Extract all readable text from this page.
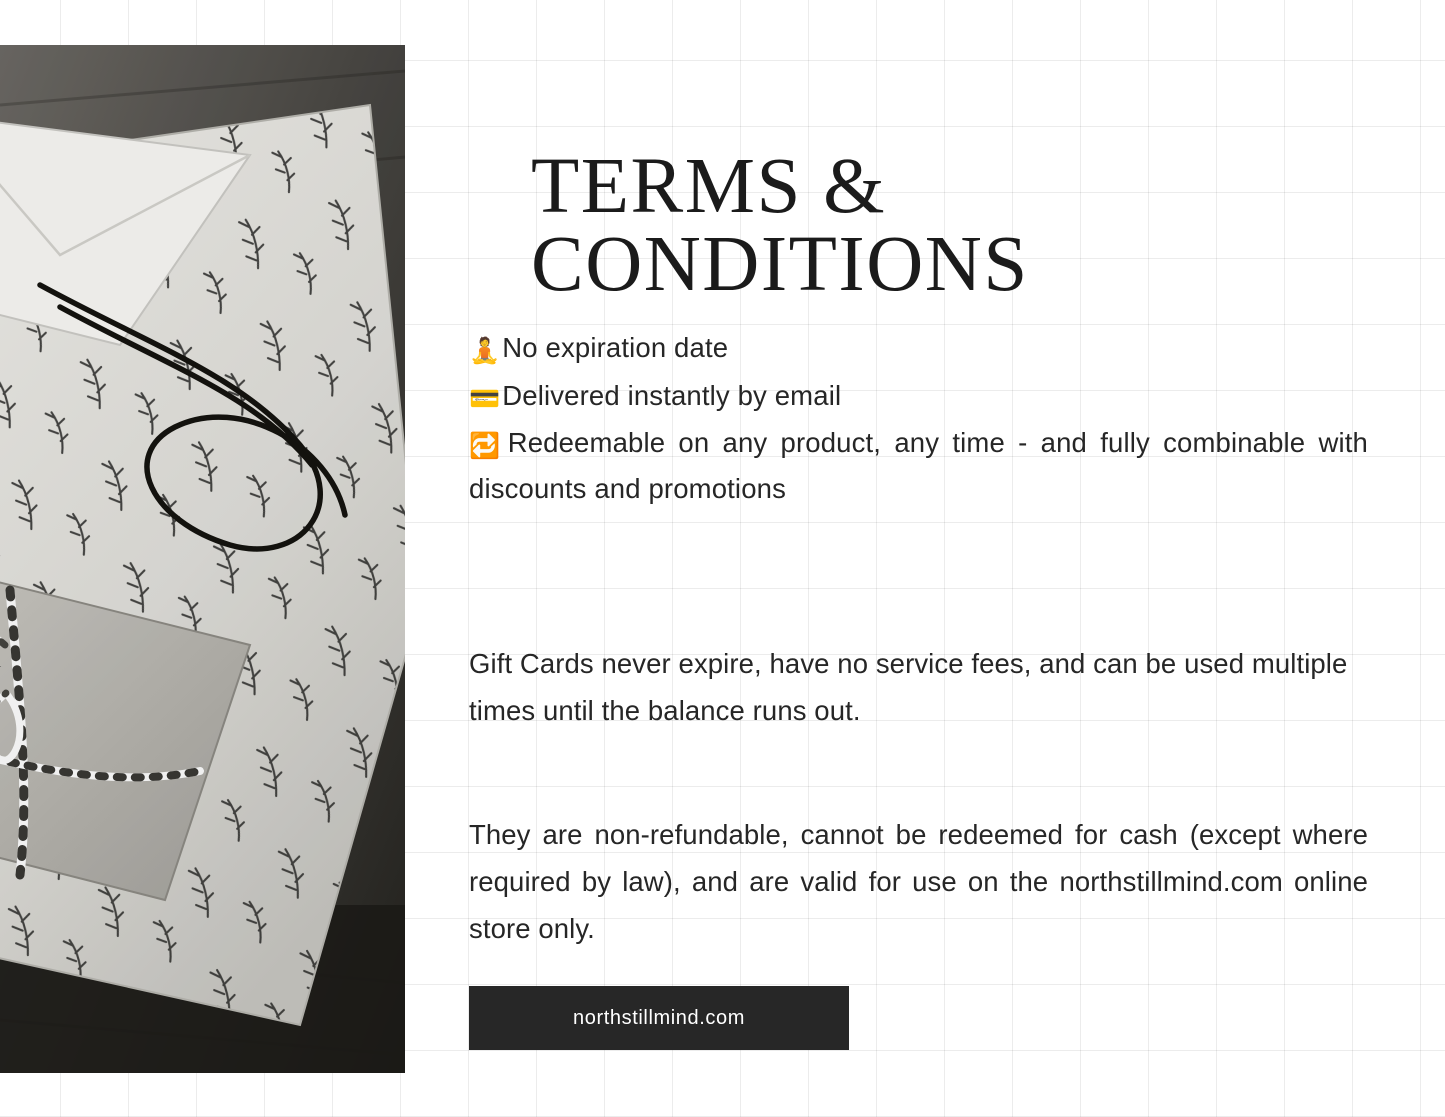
TERMS &
CONDITIONS
🧘No expiration date
💳Delivered instantly by email
🔁Redeemable on any product, any time - and fully combinable with discounts and promotions

Gift Cards never expire, have no service fees, and can be used multiple times until the balance runs out.

They are non-refundable, cannot be redeemed for cash (except where required by law), and are valid for use on the northstillmind.com online store only.

northstillmind.com
